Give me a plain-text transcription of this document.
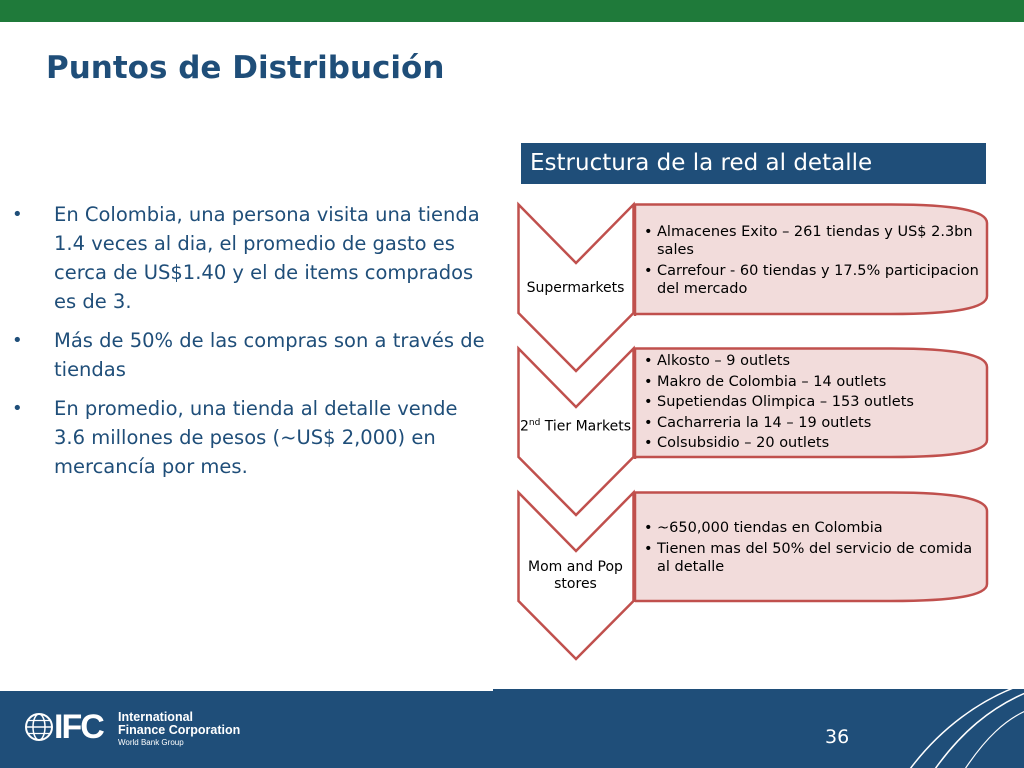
Puntos de Distribución
• En Colombia, una persona visita una tienda 1.4 veces al dia, el promedio de gasto es cerca de US$1.40 y el de items comprados es de 3.
• Más de 50% de las compras son a través de tiendas
• En promedio, una tienda al detalle vende 3.6 millones de pesos (~US$ 2,000) en mercancía por mes.
Estructura de la red al detalle
Supermarkets
• Almacenes Exito – 261 tiendas y US$ 2.3bn sales
• Carrefour - 60 tiendas y 17.5% participacion del mercado
2nd Tier Markets
• Alkosto – 9 outlets
• Makro de Colombia – 14 outlets
• Supetiendas Olimpica – 153 outlets
• Cacharreria la 14 – 19 outlets
• Colsubsidio – 20 outlets
Mom and Pop stores
• ~650,000 tiendas en Colombia
• Tienen mas del 50% del servicio de comida al detalle
IFC International
Finance Corporation
World Bank Group	36
